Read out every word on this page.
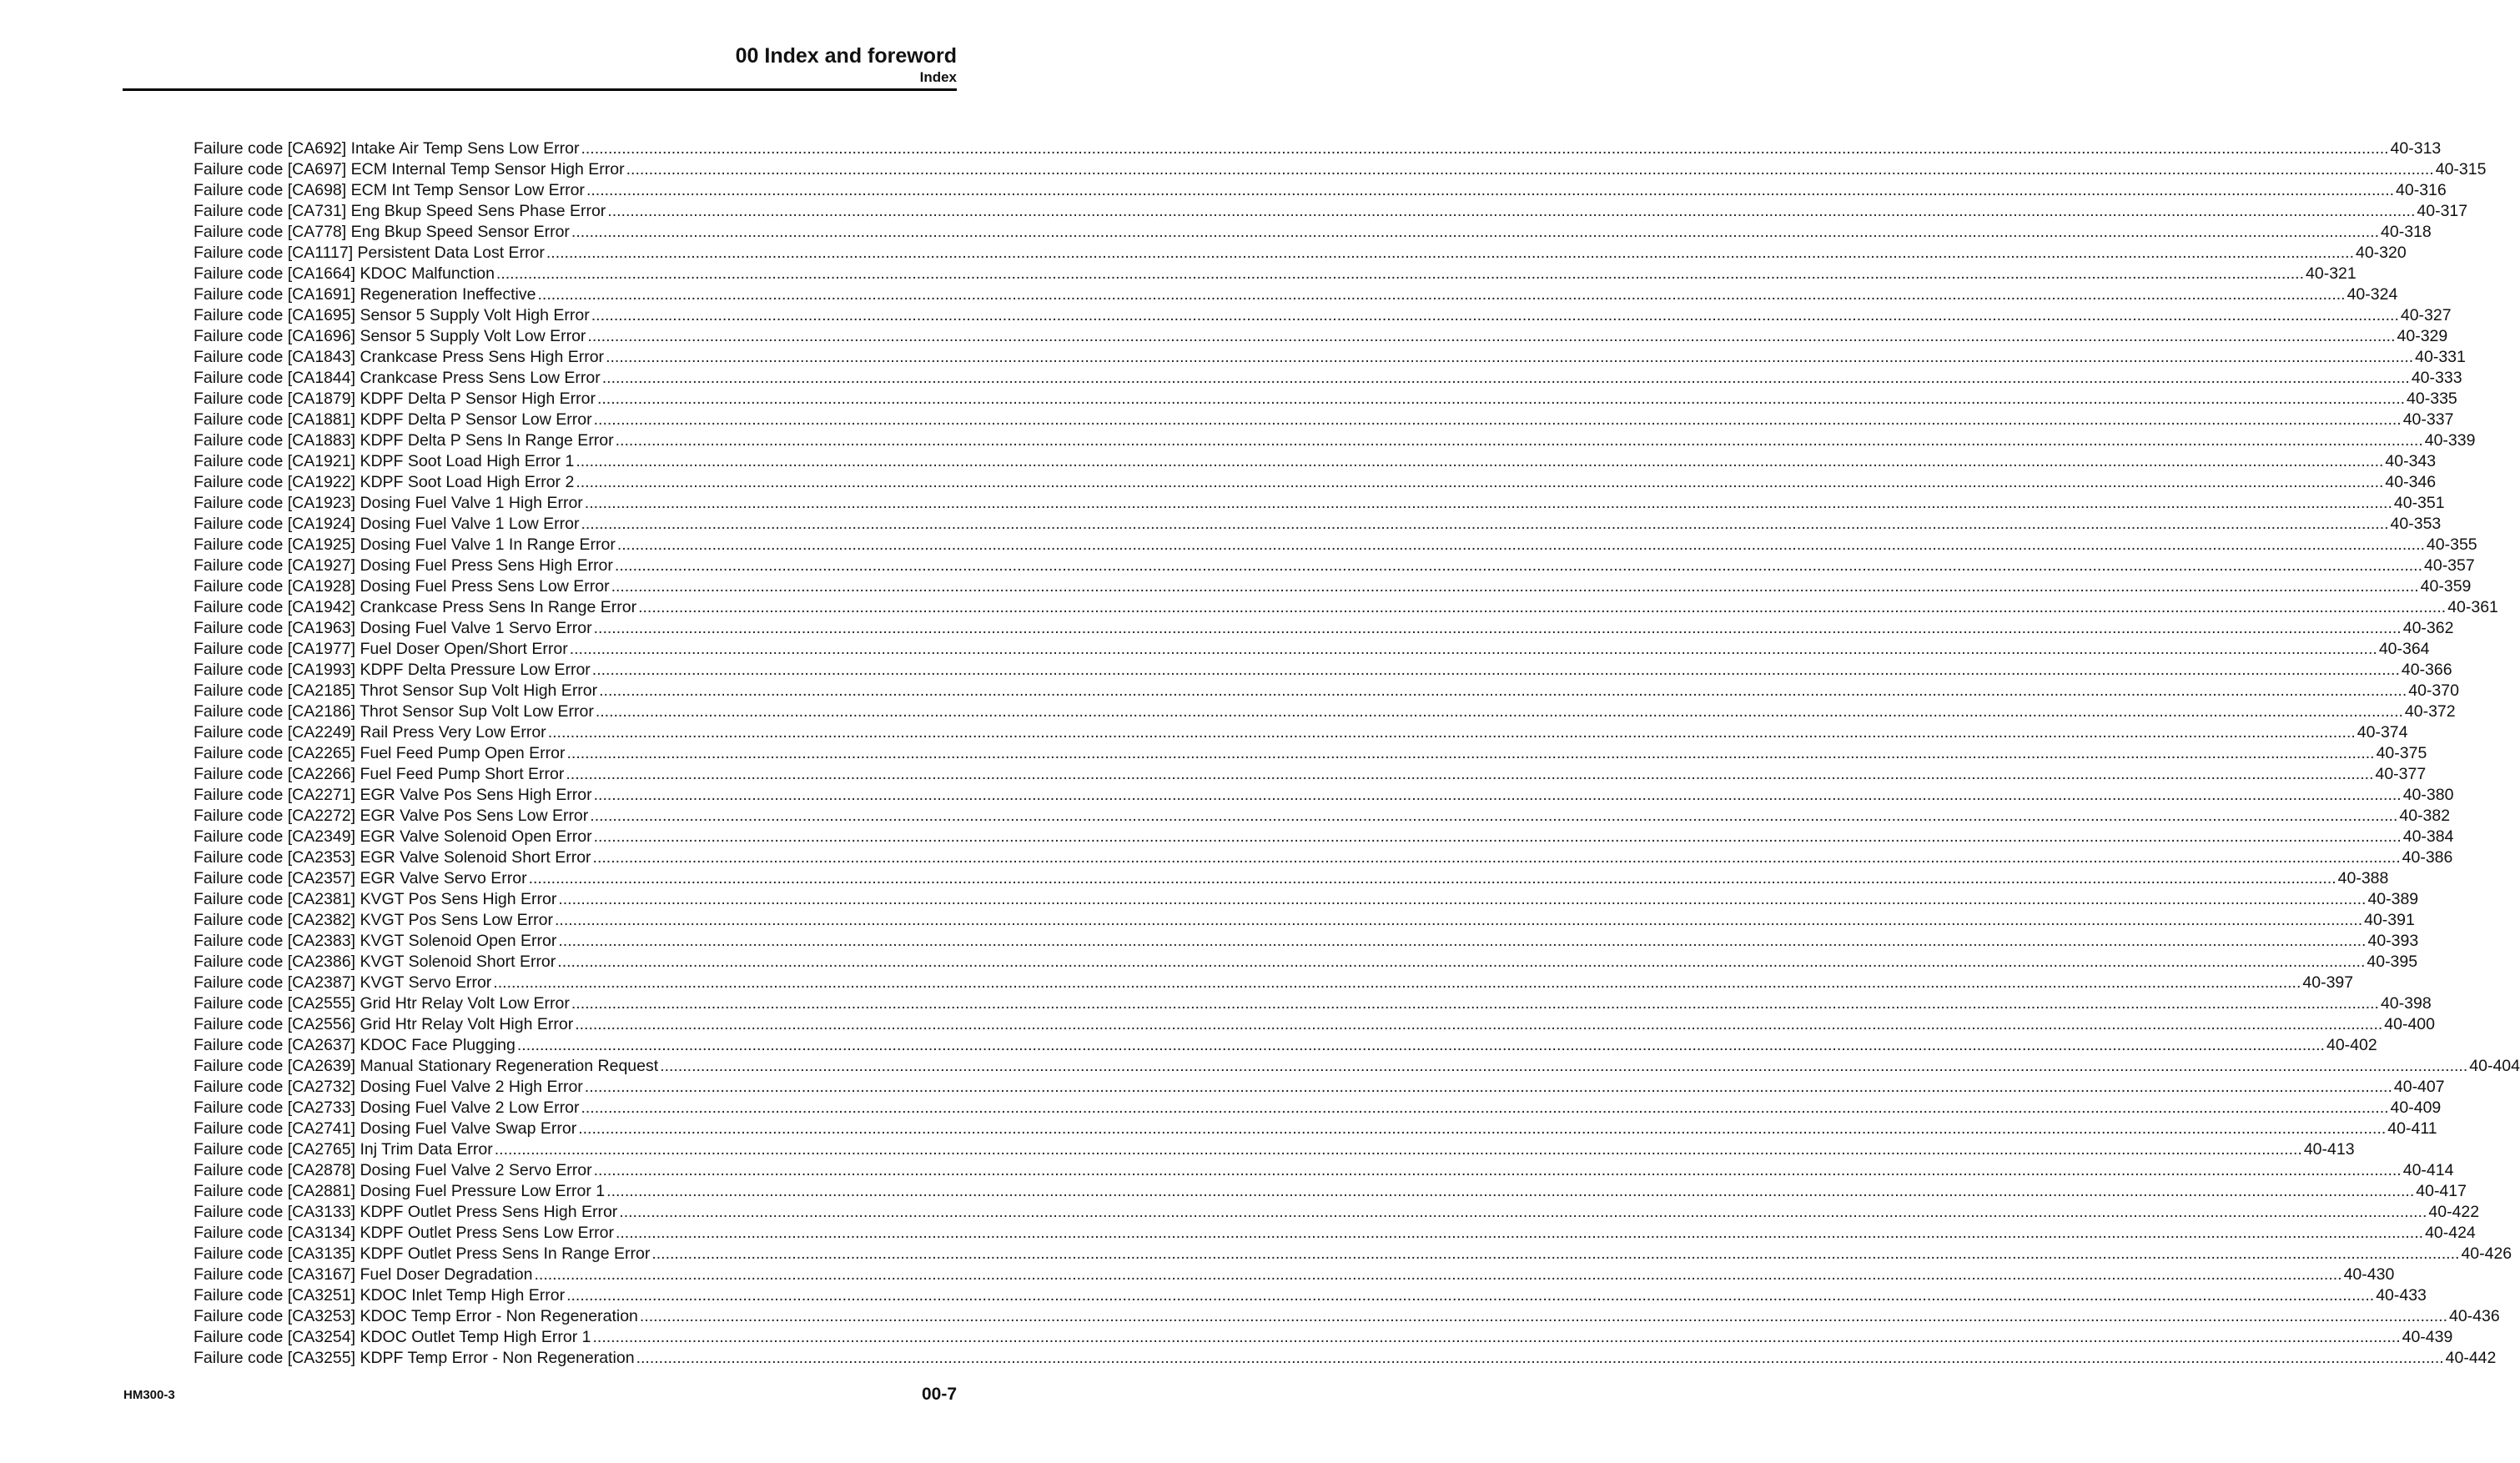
00 Index and foreword
Index
Failure code [CA692] Intake Air Temp Sens Low Error ................................................................................................................................................................................................................................................................................................................................................................................................................ 40-313
Failure code [CA697] ECM Internal Temp Sensor High Error ................................................................................................................................................................................................................................................................................................................................................................................................................ 40-315
Failure code [CA698] ECM Int Temp Sensor Low Error ................................................................................................................................................................................................................................................................................................................................................................................................................ 40-316
Failure code [CA731] Eng Bkup Speed Sens Phase Error ................................................................................................................................................................................................................................................................................................................................................................................................................ 40-317
Failure code [CA778] Eng Bkup Speed Sensor Error ................................................................................................................................................................................................................................................................................................................................................................................................................ 40-318
Failure code [CA1117] Persistent Data Lost Error ................................................................................................................................................................................................................................................................................................................................................................................................................ 40-320
Failure code [CA1664] KDOC Malfunction ................................................................................................................................................................................................................................................................................................................................................................................................................ 40-321
Failure code [CA1691] Regeneration Ineffective ................................................................................................................................................................................................................................................................................................................................................................................................................ 40-324
Failure code [CA1695] Sensor 5 Supply Volt High Error ................................................................................................................................................................................................................................................................................................................................................................................................................ 40-327
Failure code [CA1696] Sensor 5 Supply Volt Low Error ................................................................................................................................................................................................................................................................................................................................................................................................................ 40-329
Failure code [CA1843] Crankcase Press Sens High Error ................................................................................................................................................................................................................................................................................................................................................................................................................ 40-331
Failure code [CA1844] Crankcase Press Sens Low Error ................................................................................................................................................................................................................................................................................................................................................................................................................ 40-333
Failure code [CA1879] KDPF Delta P Sensor High Error ................................................................................................................................................................................................................................................................................................................................................................................................................ 40-335
Failure code [CA1881] KDPF Delta P Sensor Low Error ................................................................................................................................................................................................................................................................................................................................................................................................................ 40-337
Failure code [CA1883] KDPF Delta P Sens In Range Error ................................................................................................................................................................................................................................................................................................................................................................................................................ 40-339
Failure code [CA1921] KDPF Soot Load High Error 1 ................................................................................................................................................................................................................................................................................................................................................................................................................ 40-343
Failure code [CA1922] KDPF Soot Load High Error 2 ................................................................................................................................................................................................................................................................................................................................................................................................................ 40-346
Failure code [CA1923] Dosing Fuel Valve 1 High Error ................................................................................................................................................................................................................................................................................................................................................................................................................ 40-351
Failure code [CA1924] Dosing Fuel Valve 1 Low Error ................................................................................................................................................................................................................................................................................................................................................................................................................ 40-353
Failure code [CA1925] Dosing Fuel Valve 1 In Range Error ................................................................................................................................................................................................................................................................................................................................................................................................................ 40-355
Failure code [CA1927] Dosing Fuel Press Sens High Error ................................................................................................................................................................................................................................................................................................................................................................................................................ 40-357
Failure code [CA1928] Dosing Fuel Press Sens Low Error ................................................................................................................................................................................................................................................................................................................................................................................................................ 40-359
Failure code [CA1942] Crankcase Press Sens In Range Error ................................................................................................................................................................................................................................................................................................................................................................................................................ 40-361
Failure code [CA1963] Dosing Fuel Valve 1 Servo Error ................................................................................................................................................................................................................................................................................................................................................................................................................ 40-362
Failure code [CA1977] Fuel Doser Open/Short Error ................................................................................................................................................................................................................................................................................................................................................................................................................ 40-364
Failure code [CA1993] KDPF Delta Pressure Low Error ................................................................................................................................................................................................................................................................................................................................................................................................................ 40-366
Failure code [CA2185] Throt Sensor Sup Volt High Error ................................................................................................................................................................................................................................................................................................................................................................................................................ 40-370
Failure code [CA2186] Throt Sensor Sup Volt Low Error ................................................................................................................................................................................................................................................................................................................................................................................................................ 40-372
Failure code [CA2249] Rail Press Very Low Error ................................................................................................................................................................................................................................................................................................................................................................................................................ 40-374
Failure code [CA2265] Fuel Feed Pump Open Error ................................................................................................................................................................................................................................................................................................................................................................................................................ 40-375
Failure code [CA2266] Fuel Feed Pump Short Error ................................................................................................................................................................................................................................................................................................................................................................................................................ 40-377
Failure code [CA2271] EGR Valve Pos Sens High Error ................................................................................................................................................................................................................................................................................................................................................................................................................ 40-380
Failure code [CA2272] EGR Valve Pos Sens Low Error ................................................................................................................................................................................................................................................................................................................................................................................................................ 40-382
Failure code [CA2349] EGR Valve Solenoid Open Error ................................................................................................................................................................................................................................................................................................................................................................................................................ 40-384
Failure code [CA2353] EGR Valve Solenoid Short Error ................................................................................................................................................................................................................................................................................................................................................................................................................ 40-386
Failure code [CA2357] EGR Valve Servo Error ................................................................................................................................................................................................................................................................................................................................................................................................................ 40-388
Failure code [CA2381] KVGT Pos Sens High Error ................................................................................................................................................................................................................................................................................................................................................................................................................ 40-389
Failure code [CA2382] KVGT Pos Sens Low Error ................................................................................................................................................................................................................................................................................................................................................................................................................ 40-391
Failure code [CA2383] KVGT Solenoid Open Error ................................................................................................................................................................................................................................................................................................................................................................................................................ 40-393
Failure code [CA2386] KVGT Solenoid Short Error ................................................................................................................................................................................................................................................................................................................................................................................................................ 40-395
Failure code [CA2387] KVGT Servo Error ................................................................................................................................................................................................................................................................................................................................................................................................................ 40-397
Failure code [CA2555] Grid Htr Relay Volt Low Error ................................................................................................................................................................................................................................................................................................................................................................................................................ 40-398
Failure code [CA2556] Grid Htr Relay Volt High Error ................................................................................................................................................................................................................................................................................................................................................................................................................ 40-400
Failure code [CA2637] KDOC Face Plugging ................................................................................................................................................................................................................................................................................................................................................................................................................ 40-402
Failure code [CA2639] Manual Stationary Regeneration Request ................................................................................................................................................................................................................................................................................................................................................................................................................ 40-404
Failure code [CA2732] Dosing Fuel Valve 2 High Error ................................................................................................................................................................................................................................................................................................................................................................................................................ 40-407
Failure code [CA2733] Dosing Fuel Valve 2 Low Error ................................................................................................................................................................................................................................................................................................................................................................................................................ 40-409
Failure code [CA2741] Dosing Fuel Valve Swap Error ................................................................................................................................................................................................................................................................................................................................................................................................................ 40-411
Failure code [CA2765] Inj Trim Data Error ................................................................................................................................................................................................................................................................................................................................................................................................................ 40-413
Failure code [CA2878] Dosing Fuel Valve 2 Servo Error ................................................................................................................................................................................................................................................................................................................................................................................................................ 40-414
Failure code [CA2881] Dosing Fuel Pressure Low Error 1 ................................................................................................................................................................................................................................................................................................................................................................................................................ 40-417
Failure code [CA3133] KDPF Outlet Press Sens High Error ................................................................................................................................................................................................................................................................................................................................................................................................................ 40-422
Failure code [CA3134] KDPF Outlet Press Sens Low Error ................................................................................................................................................................................................................................................................................................................................................................................................................ 40-424
Failure code [CA3135] KDPF Outlet Press Sens In Range Error ................................................................................................................................................................................................................................................................................................................................................................................................................ 40-426
Failure code [CA3167] Fuel Doser Degradation ................................................................................................................................................................................................................................................................................................................................................................................................................ 40-430
Failure code [CA3251] KDOC Inlet Temp High Error ................................................................................................................................................................................................................................................................................................................................................................................................................ 40-433
Failure code [CA3253] KDOC Temp Error - Non Regeneration ................................................................................................................................................................................................................................................................................................................................................................................................................ 40-436
Failure code [CA3254] KDOC Outlet Temp High Error 1 ................................................................................................................................................................................................................................................................................................................................................................................................................ 40-439
Failure code [CA3255] KDPF Temp Error - Non Regeneration ................................................................................................................................................................................................................................................................................................................................................................................................................ 40-442
HM300-3	00-7
